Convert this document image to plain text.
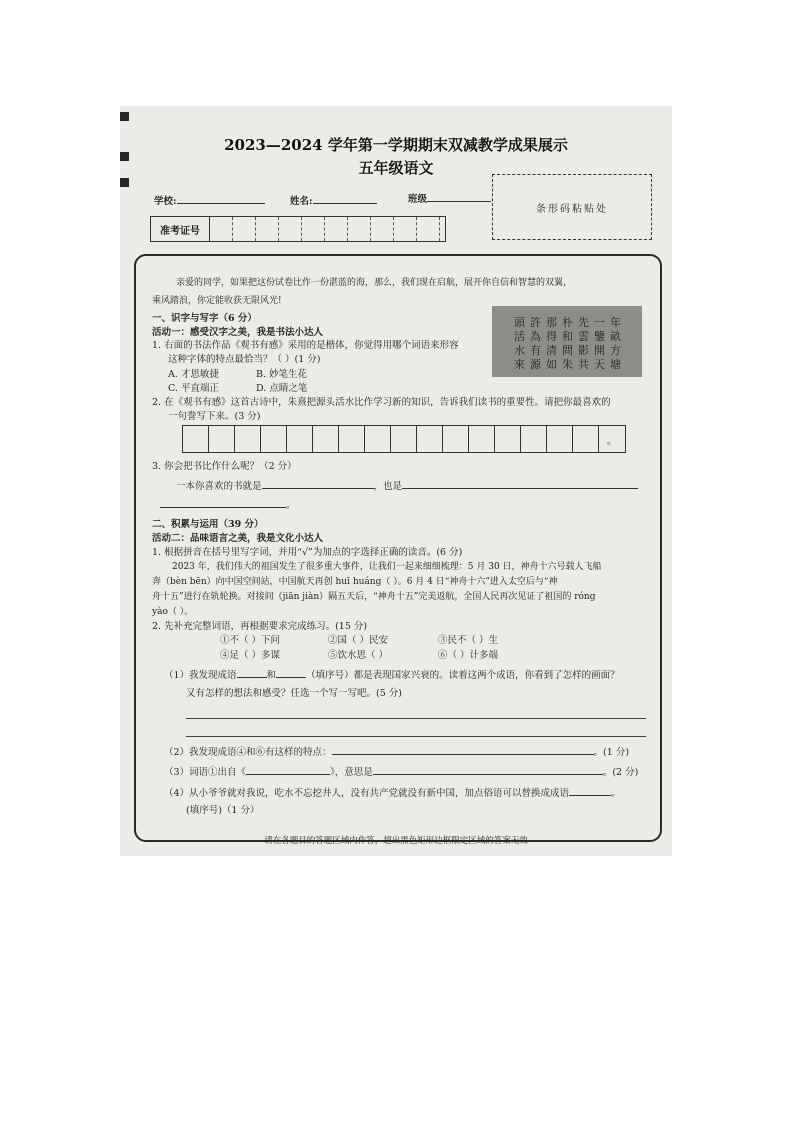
2023—2024 学年第一学期期末双减教学成果展示
五年级语文
学校:	姓名:	班级
条形码粘贴处
准考证号
亲爱的同学，如果把这份试卷比作一份湛蓝的海，那么，我们现在启航，展开你自信和智慧的双翼，
乘风踏浪，你定能收获无限风光!
一、识字与写字（6 分）
活动一：感受汉字之美，我是书法小达人
1. 右面的书法作品《观书有感》采用的是楷体，你觉得用哪个词语来形容
这种字体的特点最恰当？（ ）(1 分)
A. 才思敏捷	B. 妙笔生花
C. 平直端正	D. 点睛之笔
頭許那朴先一年
活為得和雲鑒畝
水有清問影開方
來源如朱共天塘
2. 在《观书有感》这首古诗中，朱熹把源头活水比作学习新的知识，告诉我们读书的重要性。请把你最喜欢的
一句誊写下来。(3 分)
。
3. 你会把书比作什么呢？（2 分）
一本你喜欢的书就是	，也是
。
二、积累与运用（39 分）
活动二：品味语言之美，我是文化小达人
1. 根据拼音在括号里写字词，并用“√”为加点的字选择正确的读音。(6 分)
2023 年，我们伟大的祖国发生了很多重大事件，让我们一起来细细梳理：5 月 30 日，神舟十六号载人飞船
奔（bèn bēn）向中国空间站，中国航天再创 huī huáng（ ）。6 月 4 日“神舟十六”进入太空后与“神
舟十五”进行在轨轮换。对接间（jiān jiàn）隔五天后，“神舟十五”完美返航，全国人民再次见证了祖国的 róng
yào（ ）。
2. 先补充完整词语，再根据要求完成练习。(15 分)
①不（ ）下问	②国（ ）民安	③民不（ ）生
④足（ ）多谋	⑤饮水思（ ）	⑥（ ）计多端
（1）我发现成语	和	（填序号）都是表现国家兴衰的。读着这两个成语，你看到了怎样的画面？
又有怎样的想法和感受？任选一个写一写吧。(5 分)
（2）我发现成语④和⑥有这样的特点：	。(1 分)
（3）词语①出自《	》，意思是	。(2 分)
（4）从小爷爷就对我说，吃水不忘挖井人，没有共产党就没有新中国，加点俗语可以替换成成语	。
(填序号)（1 分）
请在各题目的答题区域内作答，超出黑色矩形边框限定区域的答案无效
